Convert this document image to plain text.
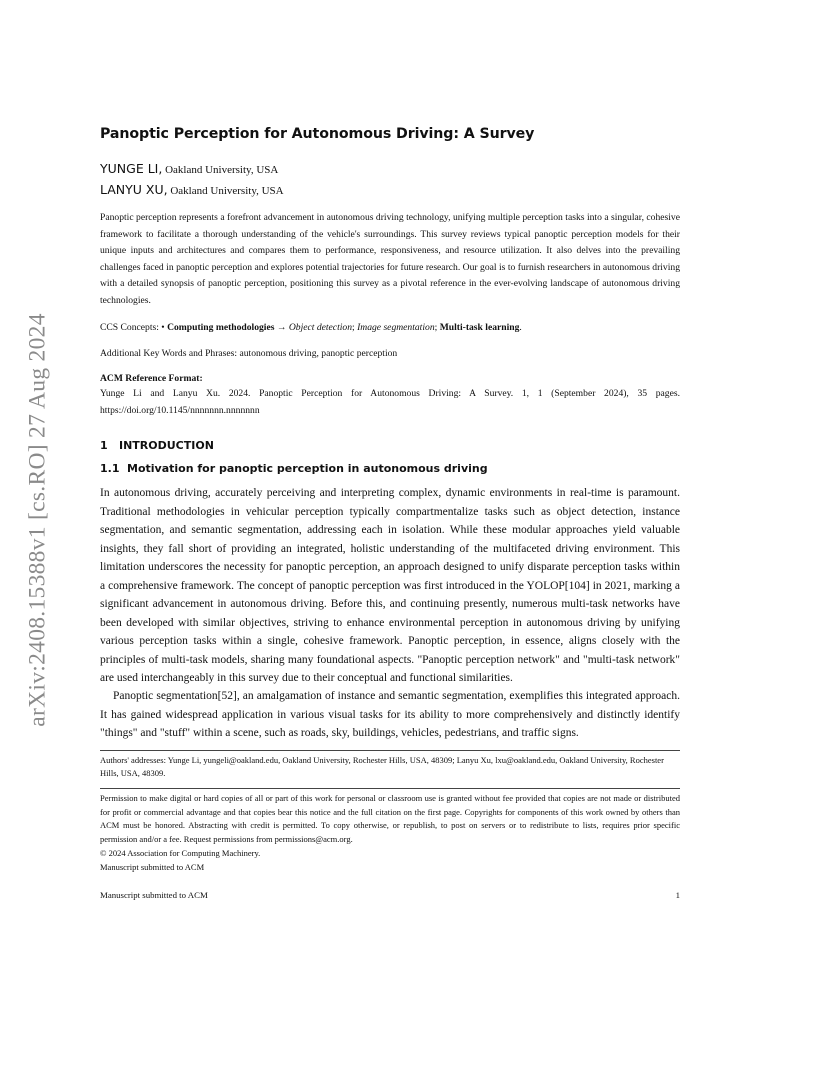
arXiv:2408.15388v1 [cs.RO] 27 Aug 2024
Panoptic Perception for Autonomous Driving: A Survey
YUNGE LI, Oakland University, USA
LANYU XU, Oakland University, USA
Panoptic perception represents a forefront advancement in autonomous driving technology, unifying multiple perception tasks into a singular, cohesive framework to facilitate a thorough understanding of the vehicle's surroundings. This survey reviews typical panoptic perception models for their unique inputs and architectures and compares them to performance, responsiveness, and resource utilization. It also delves into the prevailing challenges faced in panoptic perception and explores potential trajectories for future research. Our goal is to furnish researchers in autonomous driving with a detailed synopsis of panoptic perception, positioning this survey as a pivotal reference in the ever-evolving landscape of autonomous driving technologies.
CCS Concepts: • Computing methodologies → Object detection; Image segmentation; Multi-task learning.
Additional Key Words and Phrases: autonomous driving, panoptic perception
ACM Reference Format:
Yunge Li and Lanyu Xu. 2024. Panoptic Perception for Autonomous Driving: A Survey. 1, 1 (September 2024), 35 pages. https://doi.org/10.1145/nnnnnnn.nnnnnnn
1 INTRODUCTION
1.1 Motivation for panoptic perception in autonomous driving
In autonomous driving, accurately perceiving and interpreting complex, dynamic environments in real-time is paramount. Traditional methodologies in vehicular perception typically compartmentalize tasks such as object detection, instance segmentation, and semantic segmentation, addressing each in isolation. While these modular approaches yield valuable insights, they fall short of providing an integrated, holistic understanding of the multifaceted driving environment. This limitation underscores the necessity for panoptic perception, an approach designed to unify disparate perception tasks within a comprehensive framework. The concept of panoptic perception was first introduced in the YOLOP[104] in 2021, marking a significant advancement in autonomous driving. Before this, and continuing presently, numerous multi-task networks have been developed with similar objectives, striving to enhance environmental perception in autonomous driving by unifying various perception tasks within a single, cohesive framework. Panoptic perception, in essence, aligns closely with the principles of multi-task models, sharing many foundational aspects. "Panoptic perception network" and "multi-task network" are used interchangeably in this survey due to their conceptual and functional similarities.
Panoptic segmentation[52], an amalgamation of instance and semantic segmentation, exemplifies this integrated approach. It has gained widespread application in various visual tasks for its ability to more comprehensively and distinctly identify "things" and "stuff" within a scene, such as roads, sky, buildings, vehicles, pedestrians, and traffic signs.
Authors' addresses: Yunge Li, yungeli@oakland.edu, Oakland University, Rochester Hills, USA, 48309; Lanyu Xu, lxu@oakland.edu, Oakland University, Rochester Hills, USA, 48309.
Permission to make digital or hard copies of all or part of this work for personal or classroom use is granted without fee provided that copies are not made or distributed for profit or commercial advantage and that copies bear this notice and the full citation on the first page. Copyrights for components of this work owned by others than ACM must be honored. Abstracting with credit is permitted. To copy otherwise, or republish, to post on servers or to redistribute to lists, requires prior specific permission and/or a fee. Request permissions from permissions@acm.org.
© 2024 Association for Computing Machinery.
Manuscript submitted to ACM
Manuscript submitted to ACM	1
